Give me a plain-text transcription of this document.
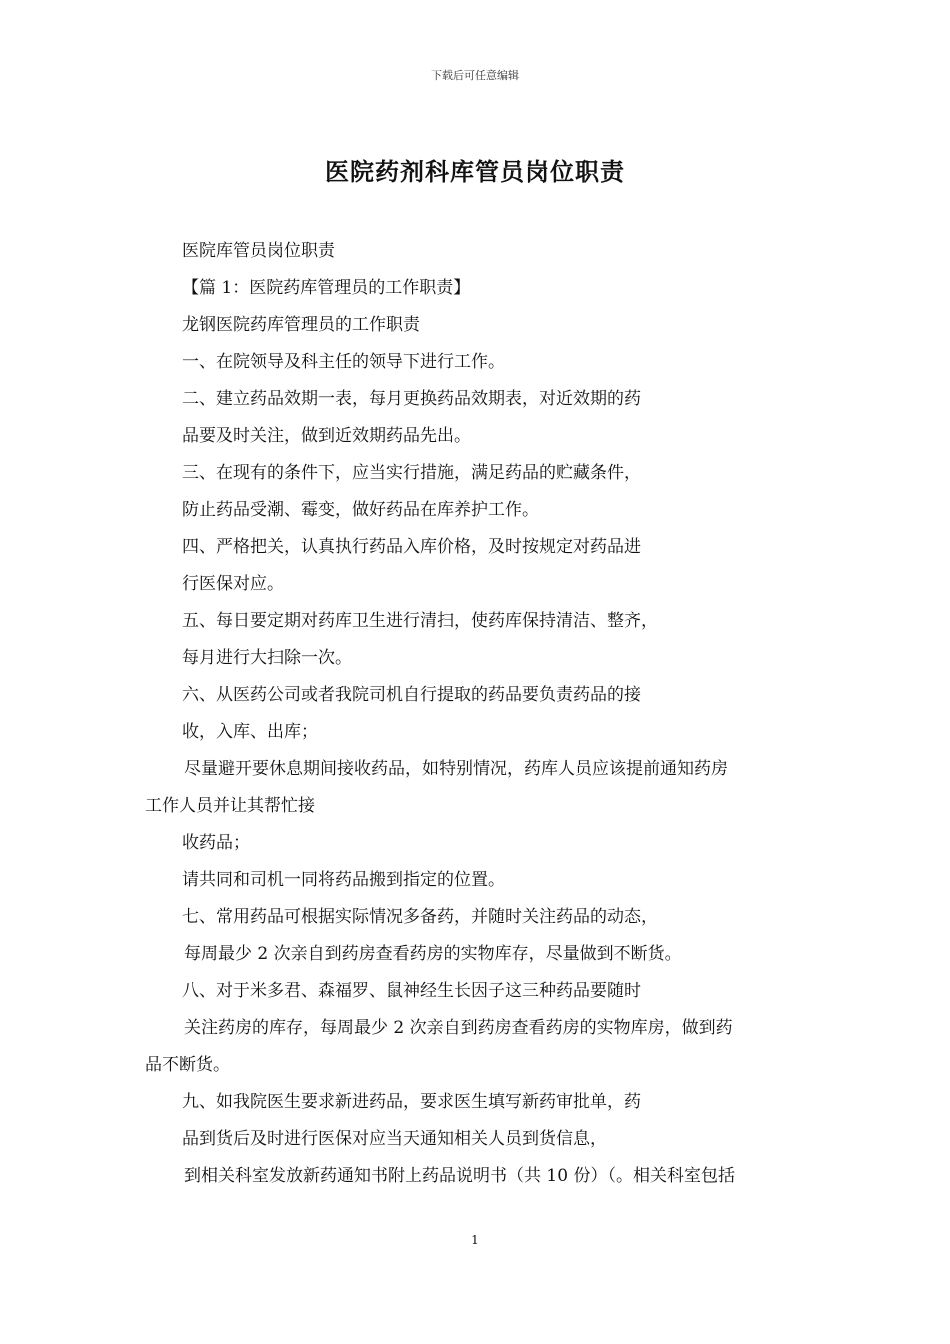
下载后可任意编辑
医院药剂科库管员岗位职责
医院库管员岗位职责
【篇 1：医院药库管理员的工作职责】
龙钢医院药库管理员的工作职责
一、在院领导及科主任的领导下进行工作。
二、建立药品效期一表，每月更换药品效期表，对近效期的药
品要及时关注，做到近效期药品先出。
三、在现有的条件下，应当实行措施，满足药品的贮藏条件，
防止药品受潮、霉变，做好药品在库养护工作。
四、严格把关，认真执行药品入库价格，及时按规定对药品进
行医保对应。
五、每日要定期对药库卫生进行清扫，使药库保持清洁、整齐，
每月进行大扫除一次。
六、从医药公司或者我院司机自行提取的药品要负责药品的接
收，入库、出库；
尽量避开要休息期间接收药品，如特别情况，药库人员应该提前通知药房
工作人员并让其帮忙接
收药品；
请共同和司机一同将药品搬到指定的位置。
七、常用药品可根据实际情况多备药，并随时关注药品的动态，
每周最少 2 次亲自到药房查看药房的实物库存，尽量做到不断货。
八、对于米多君、森福罗、鼠神经生长因子这三种药品要随时
关注药房的库存，每周最少 2 次亲自到药房查看药房的实物库房，做到药
品不断货。
九、如我院医生要求新进药品，要求医生填写新药审批单，药
品到货后及时进行医保对应当天通知相关人员到货信息，
到相关科室发放新药通知书附上药品说明书（共 10 份）（。相关科室包括
1
